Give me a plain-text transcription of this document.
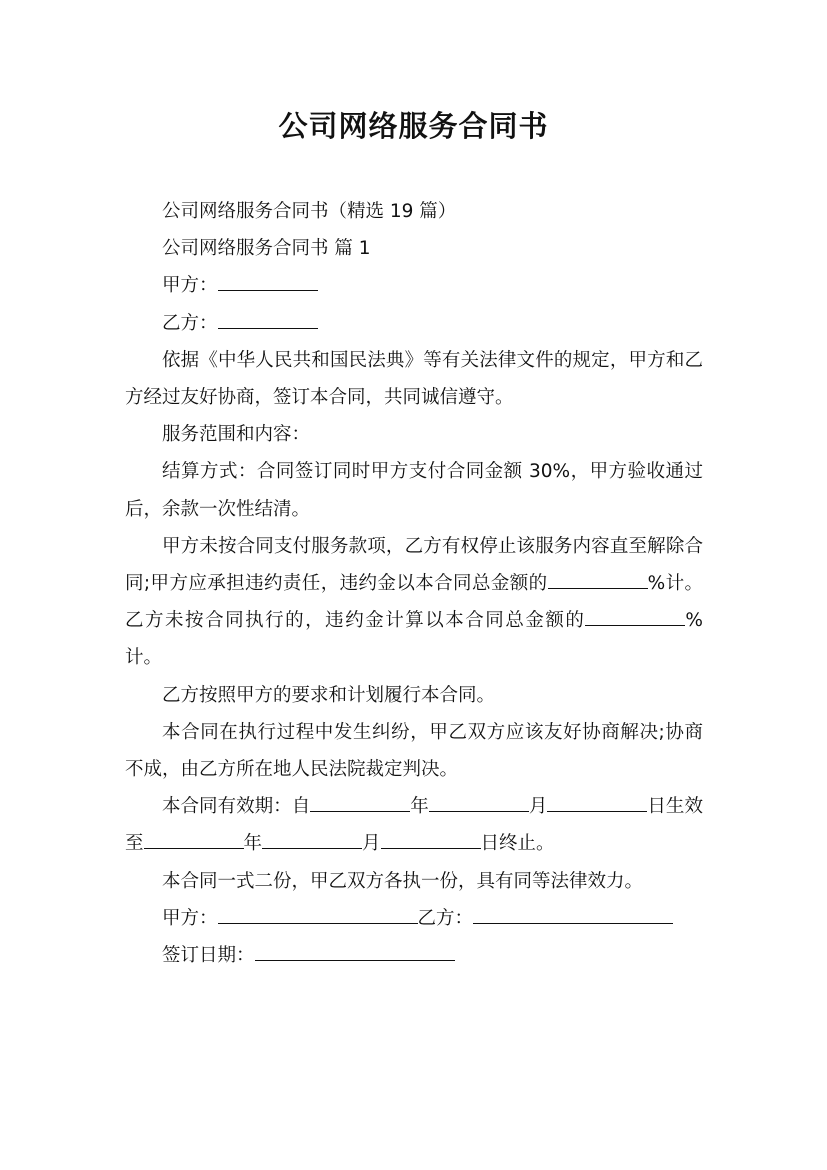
公司网络服务合同书

公司网络服务合同书（精选 19 篇）

公司网络服务合同书 篇 1

甲方：

乙方：

依据《中华人民共和国民法典》等有关法律文件的规定，甲方和乙方经过友好协商，签订本合同，共同诚信遵守。

服务范围和内容：

结算方式：合同签订同时甲方支付合同金额 30%，甲方验收通过后，余款一次性结清。

甲方未按合同支付服务款项，乙方有权停止该服务内容直至解除合同;甲方应承担违约责任，违约金以本合同总金额的	%计。乙方未按合同执行的，违约金计算以本合同总金额的	%计。

乙方按照甲方的要求和计划履行本合同。

本合同在执行过程中发生纠纷，甲乙双方应该友好协商解决;协商不成，由乙方所在地人民法院裁定判决。

本合同有效期：自	年	月	日生效至	年	月	日终止。

本合同一式二份，甲乙双方各执一份，具有同等法律效力。

甲方：	乙方：

签订日期：
